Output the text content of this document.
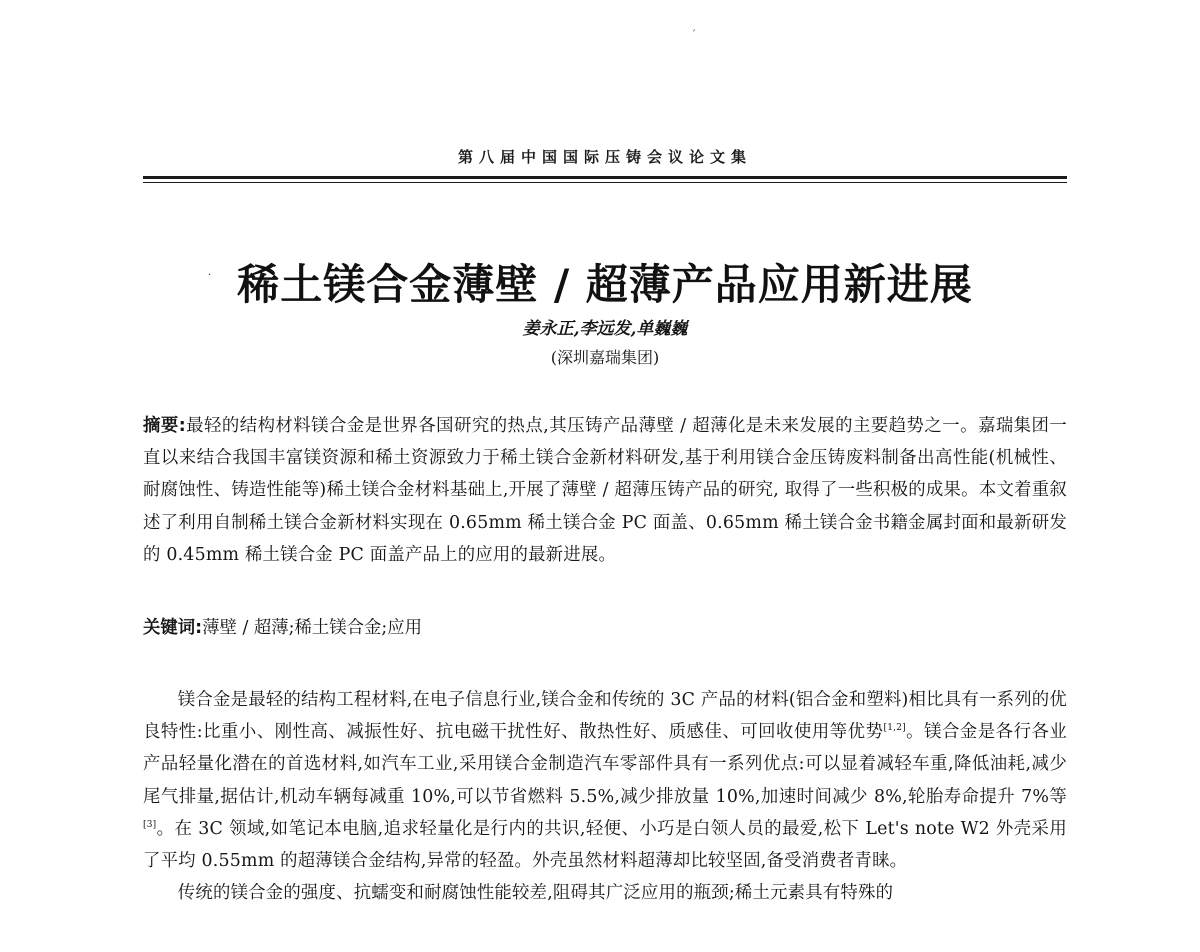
ˊ
·
第八届中国国际压铸会议论文集
稀土镁合金薄壁 / 超薄产品应用新进展
姜永正,李远发,单巍巍
(深圳嘉瑞集团)
摘要:最轻的结构材料镁合金是世界各国研究的热点,其压铸产品薄壁 / 超薄化是未来发展的主要趋势之一。嘉瑞集团一直以来结合我国丰富镁资源和稀土资源致力于稀土镁合金新材料研发,基于利用镁合金压铸废料制备出高性能(机械性、耐腐蚀性、铸造性能等)稀土镁合金材料基础上,开展了薄壁 / 超薄压铸产品的研究, 取得了一些积极的成果。本文着重叙述了利用自制稀土镁合金新材料实现在 0.65mm 稀土镁合金 PC 面盖、0.65mm 稀土镁合金书籍金属封面和最新研发的 0.45mm 稀土镁合金 PC 面盖产品上的应用的最新进展。
关键词:薄壁 / 超薄;稀土镁合金;应用

镁合金是最轻的结构工程材料,在电子信息行业,镁合金和传统的 3C 产品的材料(铝合金和塑料)相比具有一系列的优良特性:比重小、刚性高、减振性好、抗电磁干扰性好、散热性好、质感佳、可回收使用等优势[1,2]。镁合金是各行各业产品轻量化潜在的首选材料,如汽车工业,采用镁合金制造汽车零部件具有一系列优点:可以显着减轻车重,降低油耗,减少尾气排量,据估计,机动车辆每减重 10%,可以节省燃料 5.5%,减少排放量 10%,加速时间减少 8%,轮胎寿命提升 7%等[3]。在 3C 领域,如笔记本电脑,追求轻量化是行内的共识,轻便、小巧是白领人员的最爱,松下 Let's note W2 外壳采用了平均 0.55mm 的超薄镁合金结构,异常的轻盈。外壳虽然材料超薄却比较坚固,备受消费者青睐。

传统的镁合金的强度、抗蠕变和耐腐蚀性能较差,阻碍其广泛应用的瓶颈;稀土元素具有特殊的
